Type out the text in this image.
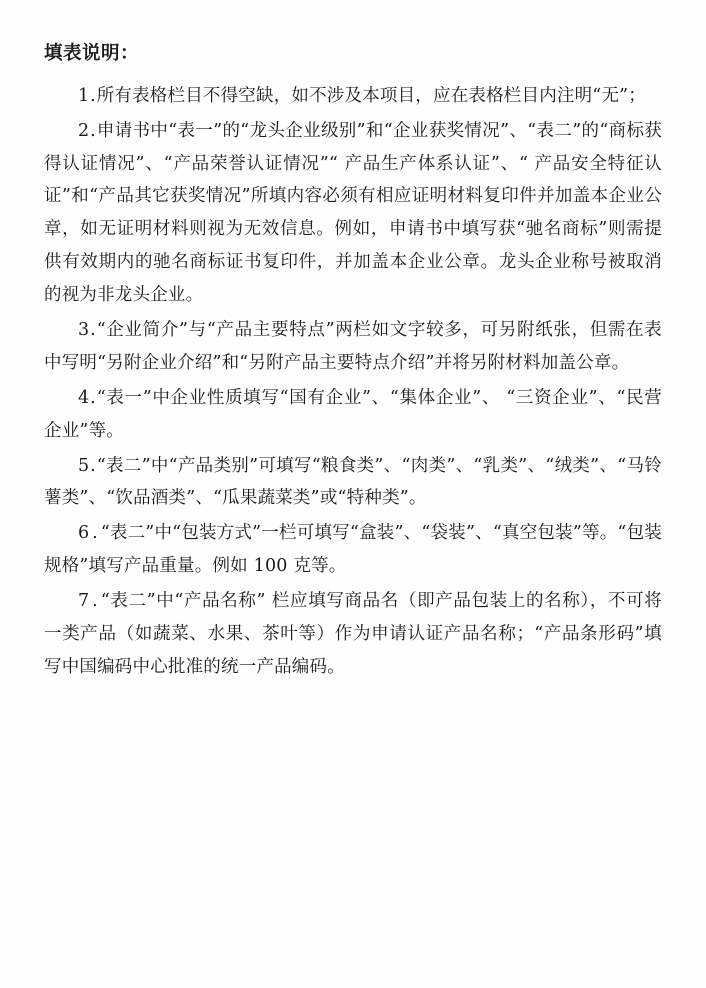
填表说明：

1.所有表格栏目不得空缺，如不涉及本项目，应在表格栏目内注明“无”；

2.申请书中“表一”的“龙头企业级别”和“企业获奖情况”、“表二”的“商标获得认证情况”、“产品荣誉认证情况”“ 产品生产体系认证”、“ 产品安全特征认证”和“产品其它获奖情况”所填内容必须有相应证明材料复印件并加盖本企业公章，如无证明材料则视为无效信息。例如，申请书中填写获“驰名商标”则需提供有效期内的驰名商标证书复印件，并加盖本企业公章。龙头企业称号被取消的视为非龙头企业。

3.“企业简介”与“产品主要特点”两栏如文字较多，可另附纸张，但需在表中写明“另附企业介绍”和“另附产品主要特点介绍”并将另附材料加盖公章。

4.“表一”中企业性质填写“国有企业”、“集体企业”、 “三资企业”、“民营企业”等。

5.“表二”中“产品类别”可填写“粮食类”、“肉类”、“乳类”、“绒类”、“马铃薯类”、“饮品酒类”、“瓜果蔬菜类”或“特种类”。

6.“表二”中“包装方式”一栏可填写“盒装”、“袋装”、“真空包装”等。“包装规格”填写产品重量。例如 100 克等。

7.“表二”中“产品名称” 栏应填写商品名（即产品包装上的名称），不可将一类产品（如蔬菜、水果、茶叶等）作为申请认证产品名称；“产品条形码”填写中国编码中心批准的统一产品编码。
